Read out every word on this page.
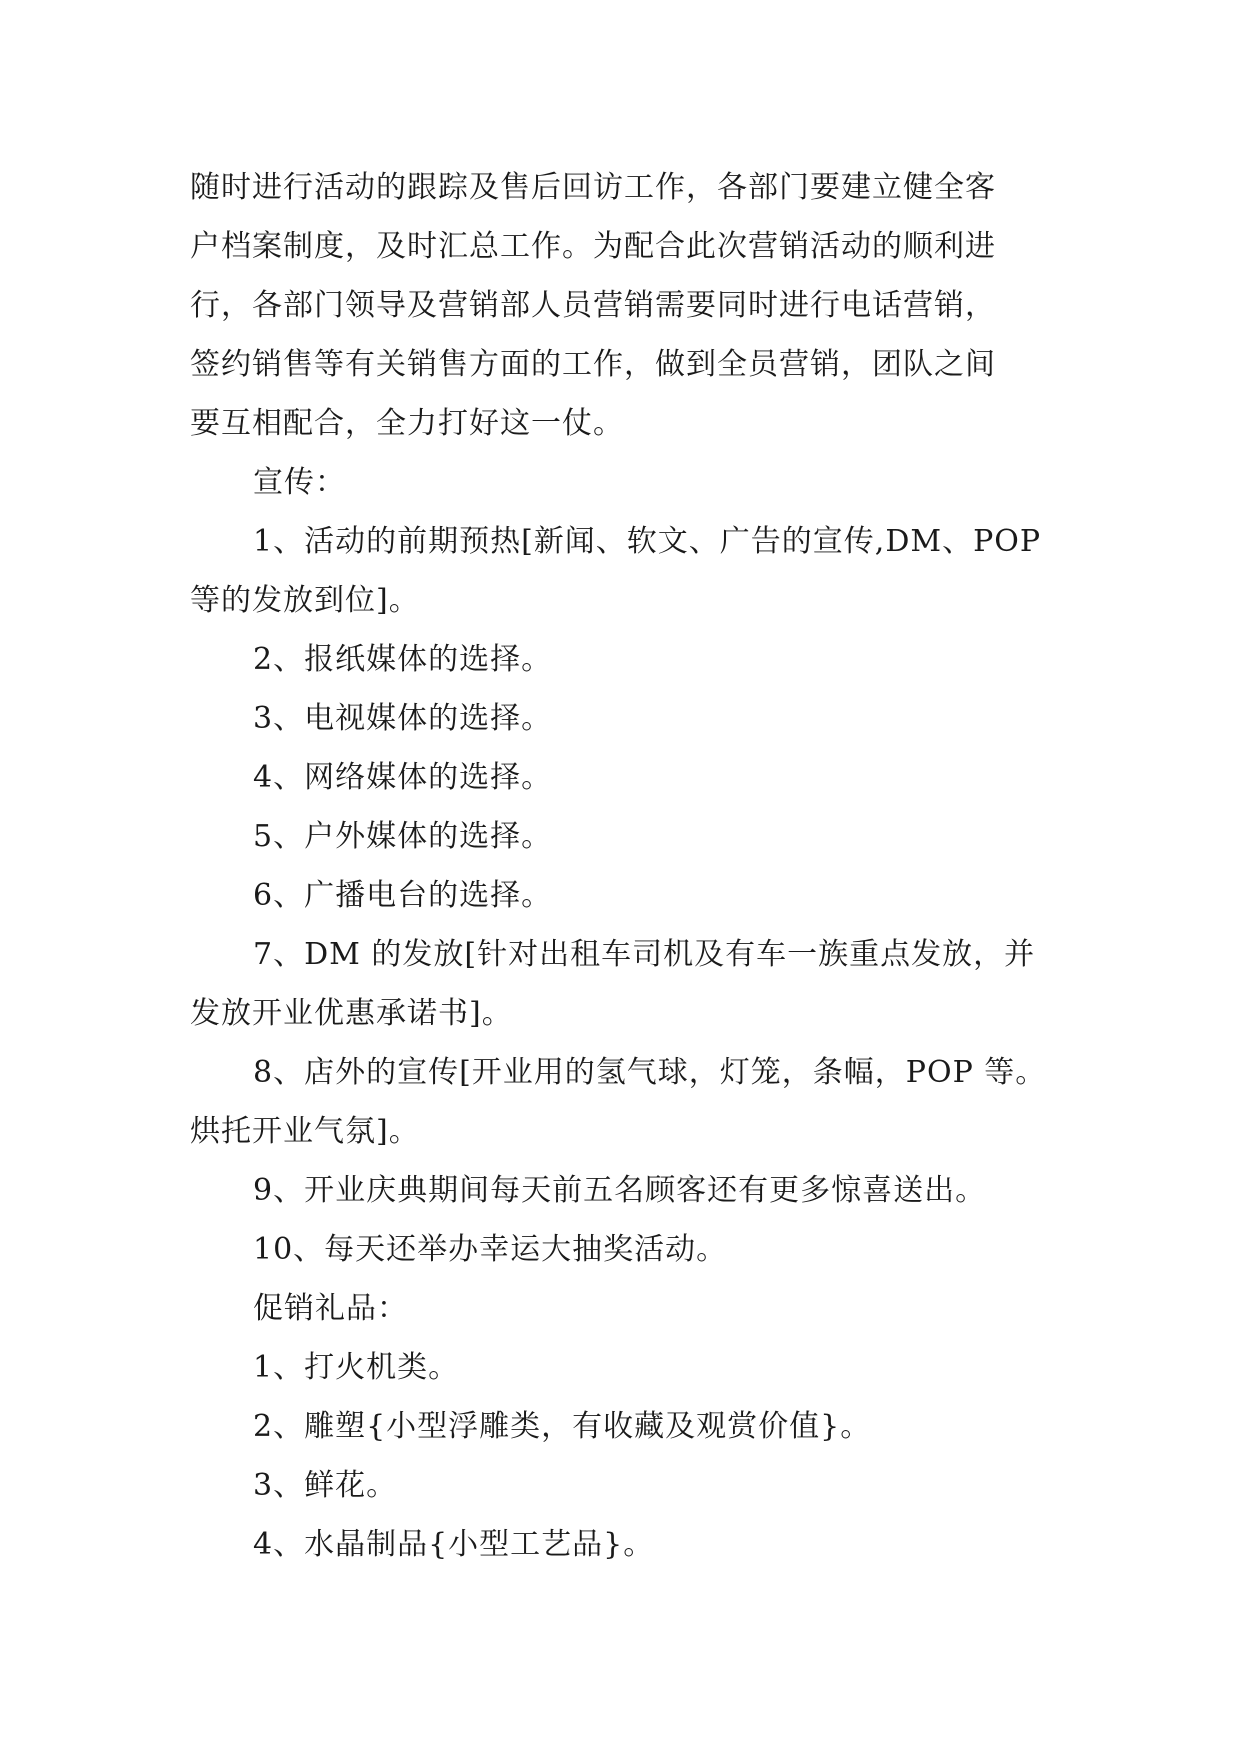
随时进行活动的跟踪及售后回访工作，各部门要建立健全客
户档案制度，及时汇总工作。为配合此次营销活动的顺利进
行，各部门领导及营销部人员营销需要同时进行电话营销，
签约销售等有关销售方面的工作，做到全员营销，团队之间
要互相配合，全力打好这一仗。
宣传：
1、活动的前期预热[新闻、软文、广告的宣传,DM、POP
等的发放到位]。
2、报纸媒体的选择。
3、电视媒体的选择。
4、网络媒体的选择。
5、户外媒体的选择。
6、广播电台的选择。
7、DM 的发放[针对出租车司机及有车一族重点发放，并
发放开业优惠承诺书]。
8、店外的宣传[开业用的氢气球，灯笼，条幅，POP 等。
烘托开业气氛]。
9、开业庆典期间每天前五名顾客还有更多惊喜送出。
10、每天还举办幸运大抽奖活动。
促销礼品：
1、打火机类。
2、雕塑{小型浮雕类，有收藏及观赏价值}。
3、鲜花。
4、水晶制品{小型工艺品}。
